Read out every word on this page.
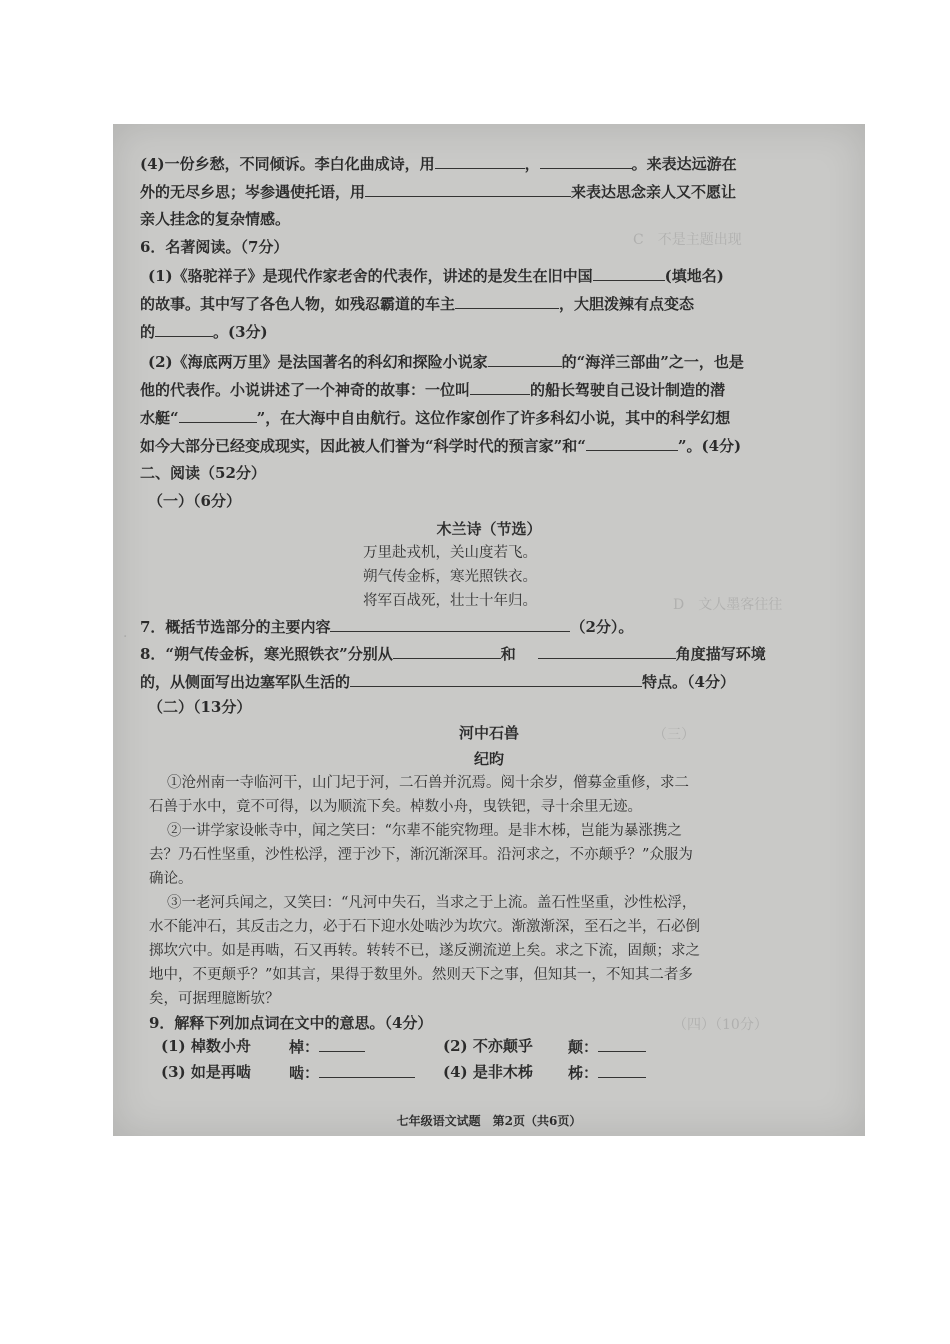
C　不是主题出现
D　文人墨客往往
·
（三）
（四）（10分）
(4)一份乡愁，不同倾诉。李白化曲成诗，用	，	。来表达远游在
外的无尽乡思；岑参遇使托语，用	来表达思念亲人又不愿让
亲人挂念的复杂情感。
6．名著阅读。（7分）
(1)《骆驼祥子》是现代作家老舍的代表作，讲述的是发生在旧中国	(填地名)
的故事。其中写了各色人物，如残忍霸道的车主	，大胆泼辣有点变态
的	。(3分)
(2)《海底两万里》是法国著名的科幻和探险小说家	的“海洋三部曲”之一，也是
他的代表作。小说讲述了一个神奇的故事：一位叫	的船长驾驶自己设计制造的潜
水艇“	”，在大海中自由航行。这位作家创作了许多科幻小说，其中的科学幻想
如今大部分已经变成现实，因此被人们誉为“科学时代的预言家”和“	”。(4分)
二、阅读（52分）
（一）（6分）
木兰诗（节选）
万里赴戎机，关山度若飞。
朔气传金柝，寒光照铁衣。
将军百战死，壮士十年归。
7．概括节选部分的主要内容	（2分）。
8．“朔气传金柝，寒光照铁衣”分别从	和	角度描写环境
的，从侧面写出边塞军队生活的	特点。（4分）
（二）（13分）
河中石兽
纪昀
①沧州南一寺临河干，山门圮于河，二石兽并沉焉。阅十余岁，僧募金重修，求二
石兽于水中，竟不可得，以为顺流下矣。棹数小舟，曳铁钯，寻十余里无迹。
②一讲学家设帐寺中，闻之笑曰：“尔辈不能究物理。是非木柹，岂能为暴涨携之
去？乃石性坚重，沙性松浮，湮于沙下，渐沉渐深耳。沿河求之，不亦颠乎？”众服为
确论。
③一老河兵闻之，又笑曰：“凡河中失石，当求之于上流。盖石性坚重，沙性松浮，
水不能冲石，其反击之力，必于石下迎水处啮沙为坎穴。渐激渐深，至石之半，石必倒
掷坎穴中。如是再啮，石又再转。转转不已，遂反溯流逆上矣。求之下流，固颠；求之
地中，不更颠乎？”如其言，果得于数里外。然则天下之事，但知其一，不知其二者多
矣，可据理臆断欤？
9．解释下列加点词在文中的意思。（4分）
(1) 棹数小舟	棹：	(2) 不亦颠乎 颠：
(3) 如是再啮	啮：	(4) 是非木柹 柹：
七年级语文试题　第2页（共6页）
